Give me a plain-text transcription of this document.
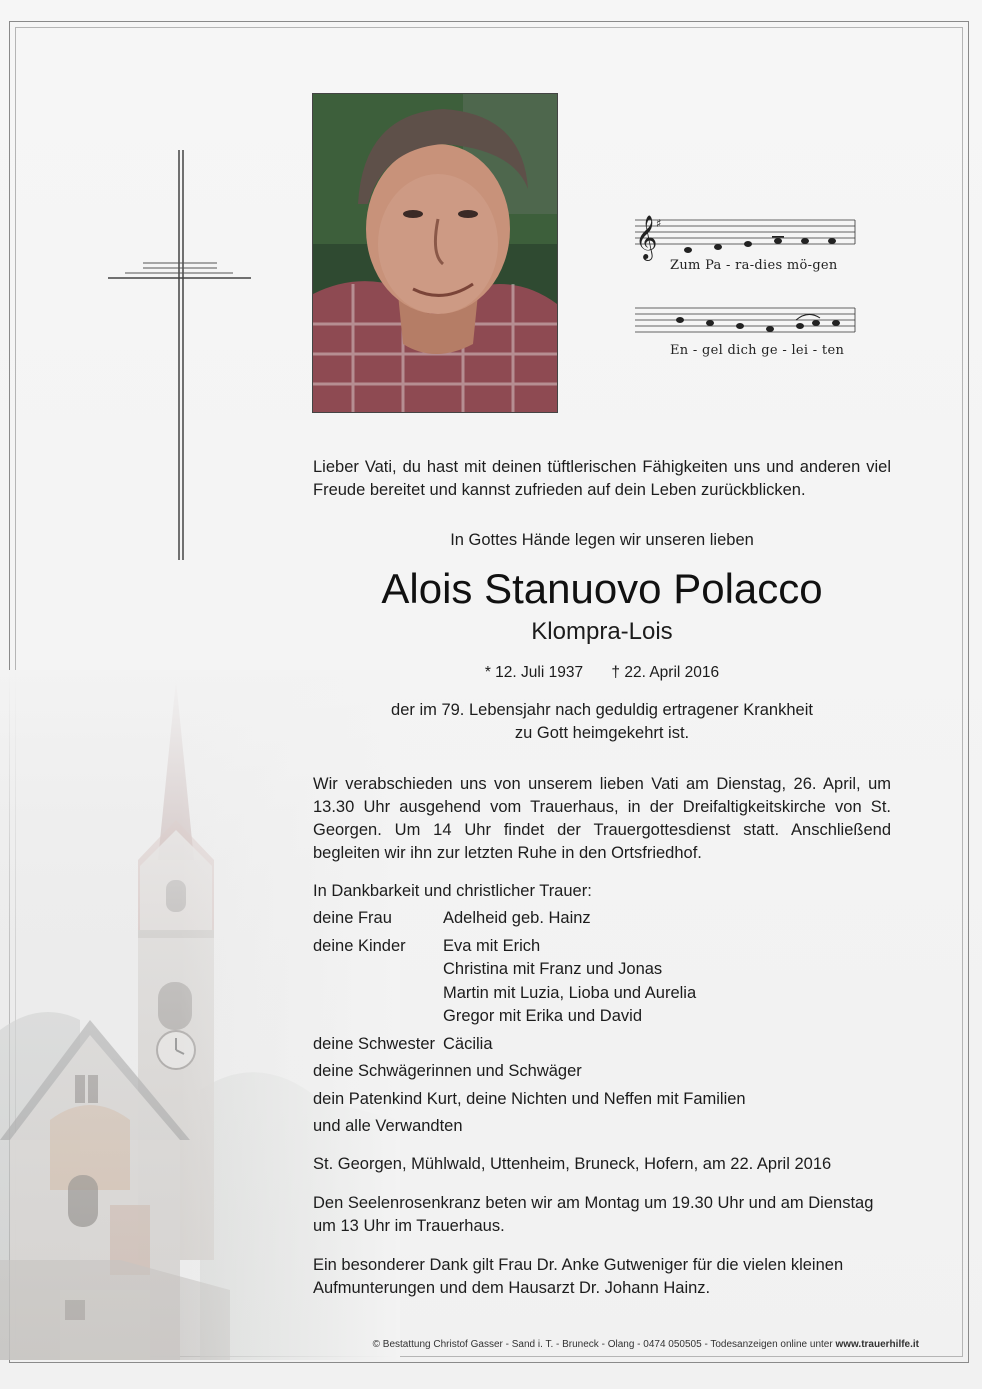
𝄞
♯
Zum Pa - ra-dies mö-gen
En - gel dich ge - lei - ten
Lieber Vati, du hast mit deinen tüftlerischen Fähigkeiten uns und anderen viel Freude bereitet und kannst zufrieden auf dein Leben zurückblicken.
In Gottes Hände legen wir unseren lieben
Alois Stanuovo Polacco
Klompra-Lois
* 12. Juli 1937 † 22. April 2016
der im 79. Lebensjahr nach geduldig ertragener Krankheit
zu Gott heimgekehrt ist.
Wir verabschieden uns von unserem lieben Vati am Dienstag, 26. April, um 13.30 Uhr ausgehend vom Trauerhaus, in der Dreifaltigkeitskirche von St. Georgen. Um 14 Uhr findet der Trauergottesdienst statt. Anschließend begleiten wir ihn zur letzten Ruhe in den Ortsfriedhof.
In Dankbarkeit und christlicher Trauer:
deine Frau	Adelheid geb. Hainz
deine Kinder	Eva mit Erich
Christina mit Franz und Jonas
Martin mit Luzia, Lioba und Aurelia
Gregor mit Erika und David
deine Schwester Cäcilia
deine Schwägerinnen und Schwäger
dein Patenkind Kurt, deine Nichten und Neffen mit Familien
und alle Verwandten
St. Georgen, Mühlwald, Uttenheim, Bruneck, Hofern, am 22. April 2016
Den Seelenrosenkranz beten wir am Montag um 19.30 Uhr und am Dienstag um 13 Uhr im Trauerhaus.
Ein besonderer Dank gilt Frau Dr. Anke Gutweniger für die vielen kleinen Aufmunterungen und dem Hausarzt Dr. Johann Hainz.
© Bestattung Christof Gasser - Sand i. T. - Bruneck - Olang - 0474 050505 - Todesanzeigen online unter www.trauerhilfe.it
